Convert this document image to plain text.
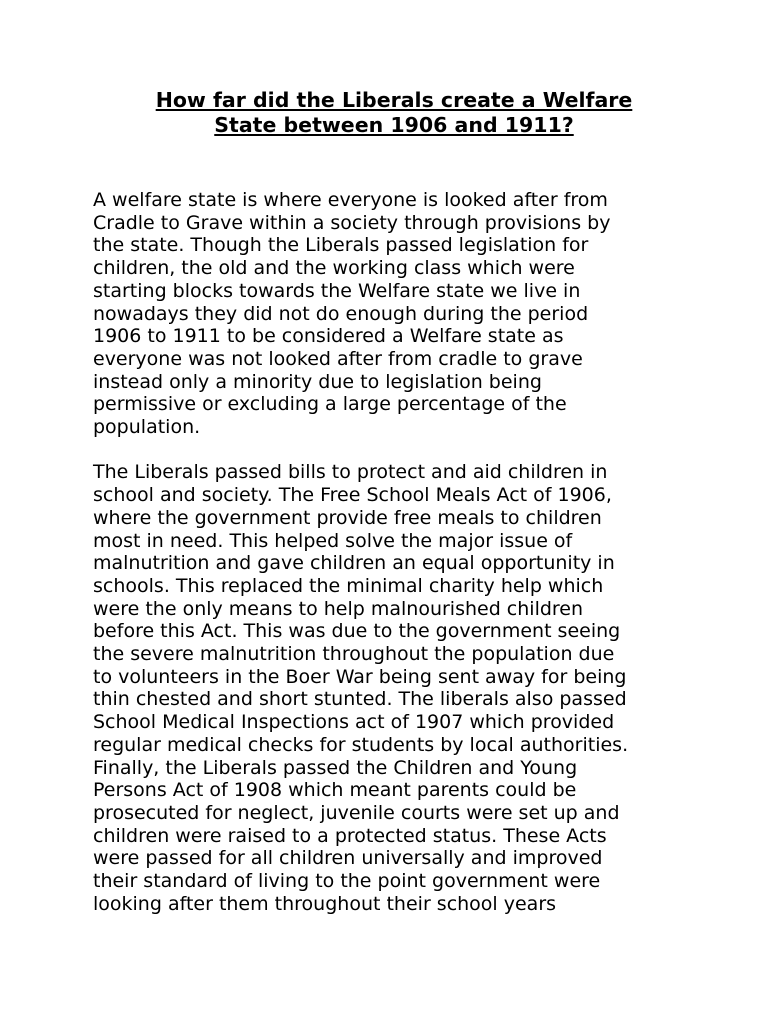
How far did the Liberals create a Welfare
State between 1906 and 1911?

A welfare state is where everyone is looked after from
Cradle to Grave within a society through provisions by
the state. Though the Liberals passed legislation for
children, the old and the working class which were
starting blocks towards the Welfare state we live in
nowadays they did not do enough during the period
1906 to 1911 to be considered a Welfare state as
everyone was not looked after from cradle to grave
instead only a minority due to legislation being
permissive or excluding a large percentage of the
population.

The Liberals passed bills to protect and aid children in
school and society. The Free School Meals Act of 1906,
where the government provide free meals to children
most in need. This helped solve the major issue of
malnutrition and gave children an equal opportunity in
schools. This replaced the minimal charity help which
were the only means to help malnourished children
before this Act. This was due to the government seeing
the severe malnutrition throughout the population due
to volunteers in the Boer War being sent away for being
thin chested and short stunted. The liberals also passed
School Medical Inspections act of 1907 which provided
regular medical checks for students by local authorities.
Finally, the Liberals passed the Children and Young
Persons Act of 1908 which meant parents could be
prosecuted for neglect, juvenile courts were set up and
children were raised to a protected status. These Acts
were passed for all children universally and improved
their standard of living to the point government were
looking after them throughout their school years
